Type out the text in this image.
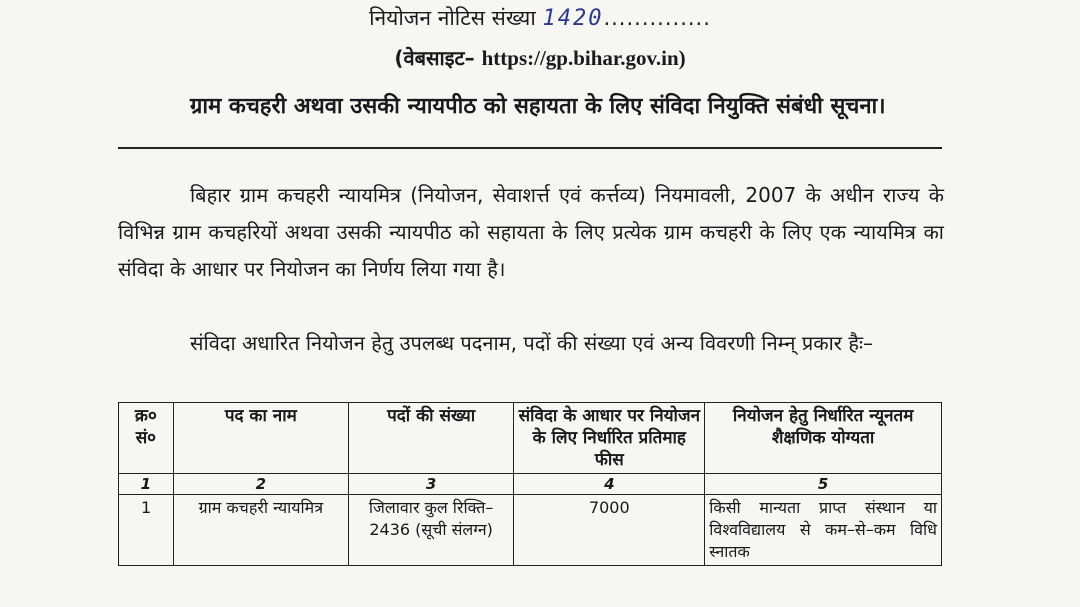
नियोजन नोटिस संख्या 1420..............
(वेबसाइट– https://gp.bihar.gov.in)
ग्राम कचहरी अथवा उसकी न्यायपीठ को सहायता के लिए संविदा नियुक्ति संबंधी सूचना।
बिहार ग्राम कचहरी न्यायमित्र (नियोजन, सेवाशर्त्त एवं कर्त्तव्य) नियमावली, 2007 के अधीन राज्य के विभिन्न ग्राम कचहरियों अथवा उसकी न्यायपीठ को सहायता के लिए प्रत्येक ग्राम कचहरी के लिए एक न्यायमित्र का संविदा के आधार पर नियोजन का निर्णय लिया गया है।
संविदा अधारित नियोजन हेतु उपलब्ध पदनाम, पदों की संख्या एवं अन्य विवरणी निम्न् प्रकार हैः–
क्र० सं०	पद का नाम	पदों की संख्या	संविदा के आधार पर नियोजन के लिए निर्धारित प्रतिमाह फीस	नियोजन हेतु निर्धारित न्यूनतम शैक्षणिक योग्यता
1	2	3	4	5
1	ग्राम कचहरी न्यायमित्र	जिलावार कुल रिक्ति–2436 (सूची संलग्न)	7000	किसी मान्यता प्राप्त संस्थान या विश्वविद्यालय से कम–से–कम विधि स्नातक
